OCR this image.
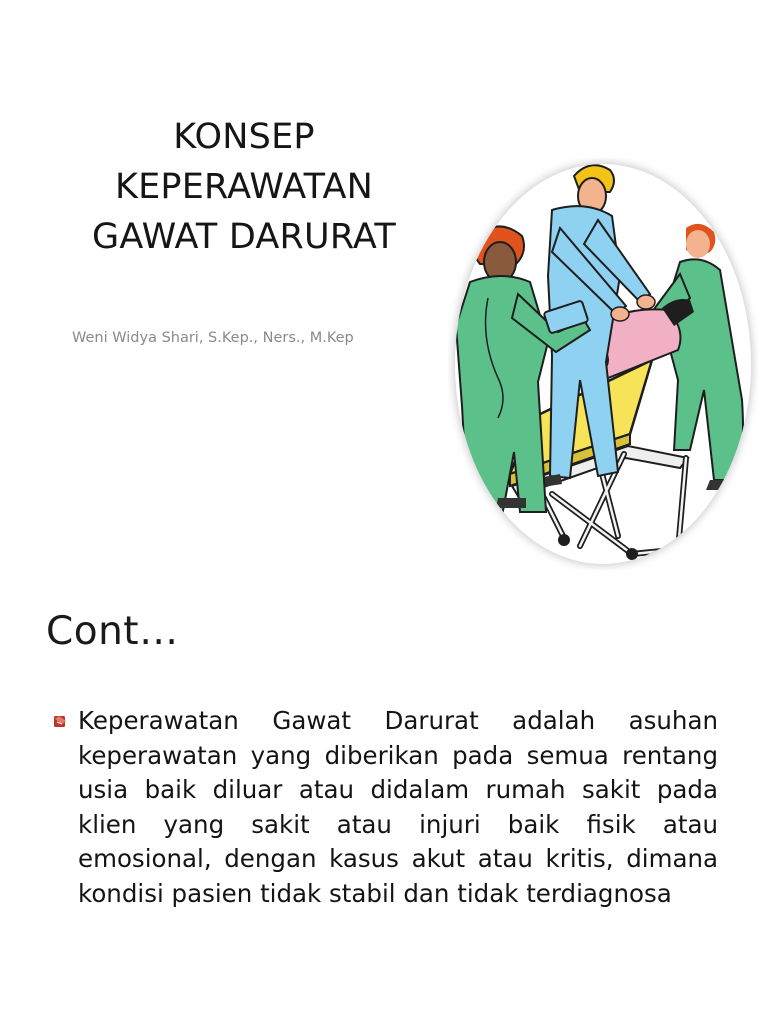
KONSEP
KEPERAWATAN
GAWAT DARURAT
Weni Widya Shari, S.Kep., Ners., M.Kep
Cont…
Keperawatan Gawat Darurat adalah asuhan keperawatan yang diberikan pada semua rentang usia baik diluar atau didalam rumah sakit pada klien yang sakit atau injuri baik fisik atau emosional, dengan kasus akut atau kritis, dimana kondisi pasien tidak stabil dan tidak terdiagnosa
